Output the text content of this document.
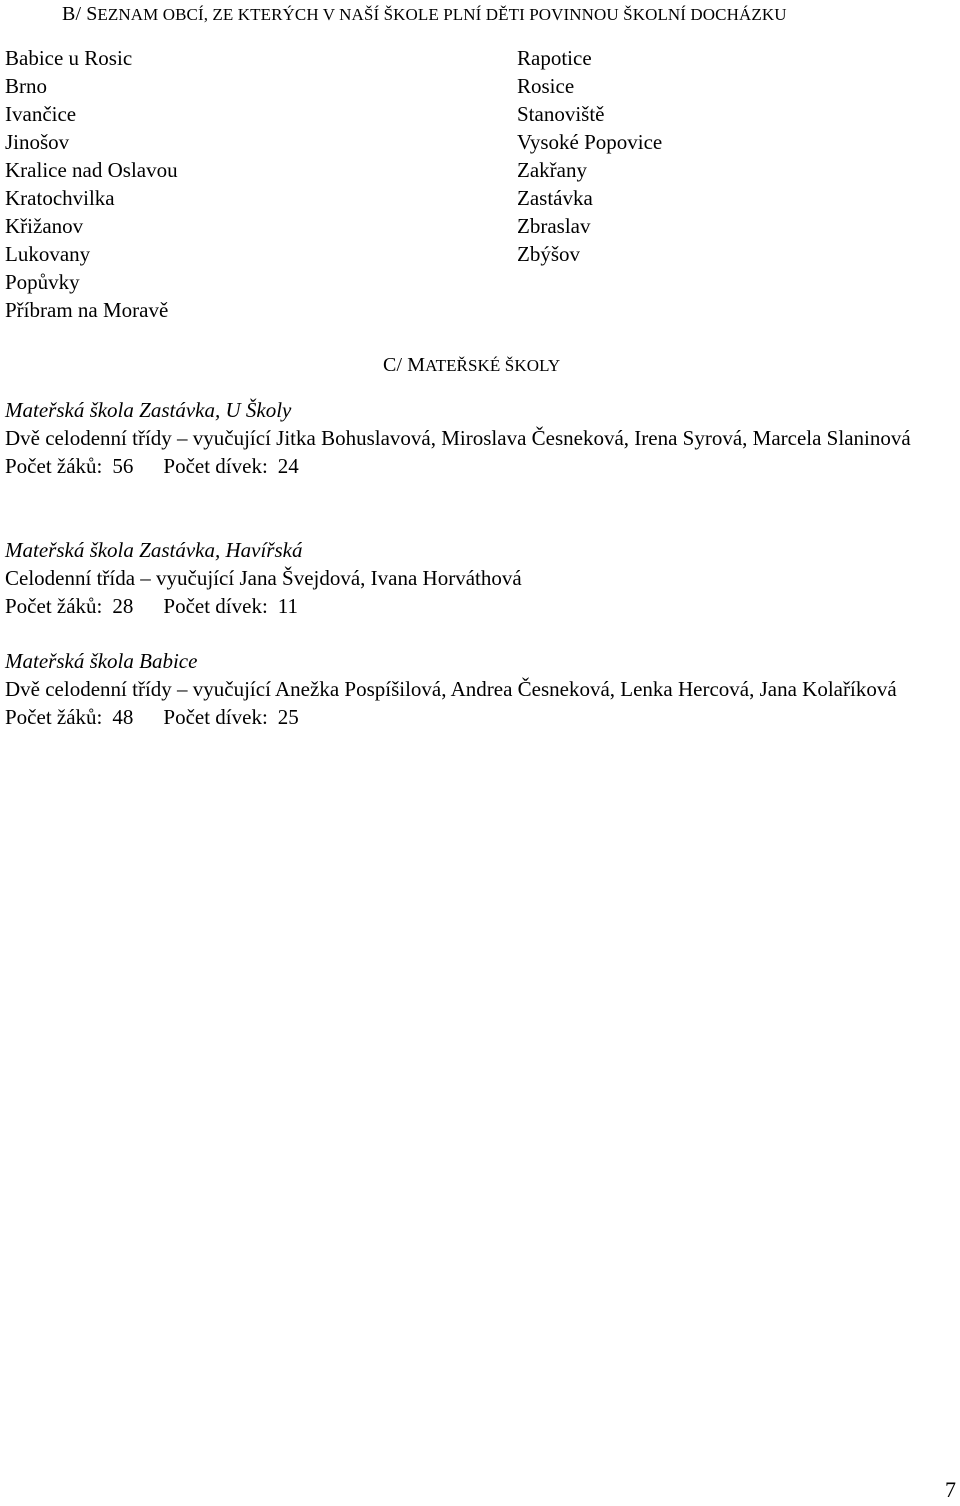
B/ SEZNAM OBCÍ, ZE KTERÝCH V NAŠÍ ŠKOLE PLNÍ DĚTI POVINNOU ŠKOLNÍ DOCHÁZKU
Babice u Rosic
Brno
Ivančice
Jinošov
Kralice nad Oslavou
Kratochvilka
Křižanov
Lukovany
Popůvky
Příbram na Moravě
Rapotice
Rosice
Stanoviště
Vysoké Popovice
Zakřany
Zastávka
Zbraslav
Zbýšov
C/ MATEŘSKÉ ŠKOLY
Mateřská škola Zastávka, U Školy
Dvě celodenní třídy – vyučující Jitka Bohuslavová, Miroslava Česneková, Irena Syrová, Marcela Slaninová
Počet žáků: 56 Počet dívek: 24
Mateřská škola Zastávka, Havířská
Celodenní třída – vyučující Jana Švejdová, Ivana Horváthová
Počet žáků: 28 Počet dívek: 11
Mateřská škola Babice
Dvě celodenní třídy – vyučující Anežka Pospíšilová, Andrea Česneková, Lenka Hercová, Jana Kolaříková
Počet žáků: 48 Počet dívek: 25
7
